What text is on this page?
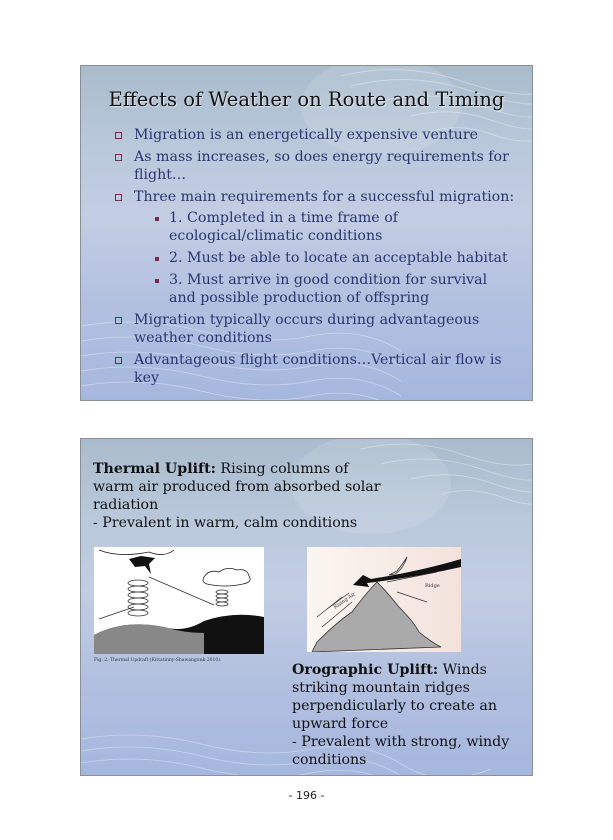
Effects of Weather on Route and Timing
Migration is an energetically expensive venture
As mass increases, so does energy requirements for flight…
Three main requirements for a successful migration:
1. Completed in a time frame of ecological/climatic conditions
2. Must be able to locate an acceptable habitat
3. Must arrive in good condition for survival and possible production of offspring
Migration typically occurs during advantageous weather conditions
Advantageous flight conditions…Vertical air flow is key
Thermal Uplift: Rising columns of warm air produced from absorbed solar radiation
- Prevalent in warm, calm conditions
Fig. 2. Thermal Updraft (Kittatinny-Shawangunk 2010).
Rising Air
Ridge
Orographic Uplift: Winds striking mountain ridges perpendicularly to create an upward force
- Prevalent with strong, windy conditions
- 196 -
